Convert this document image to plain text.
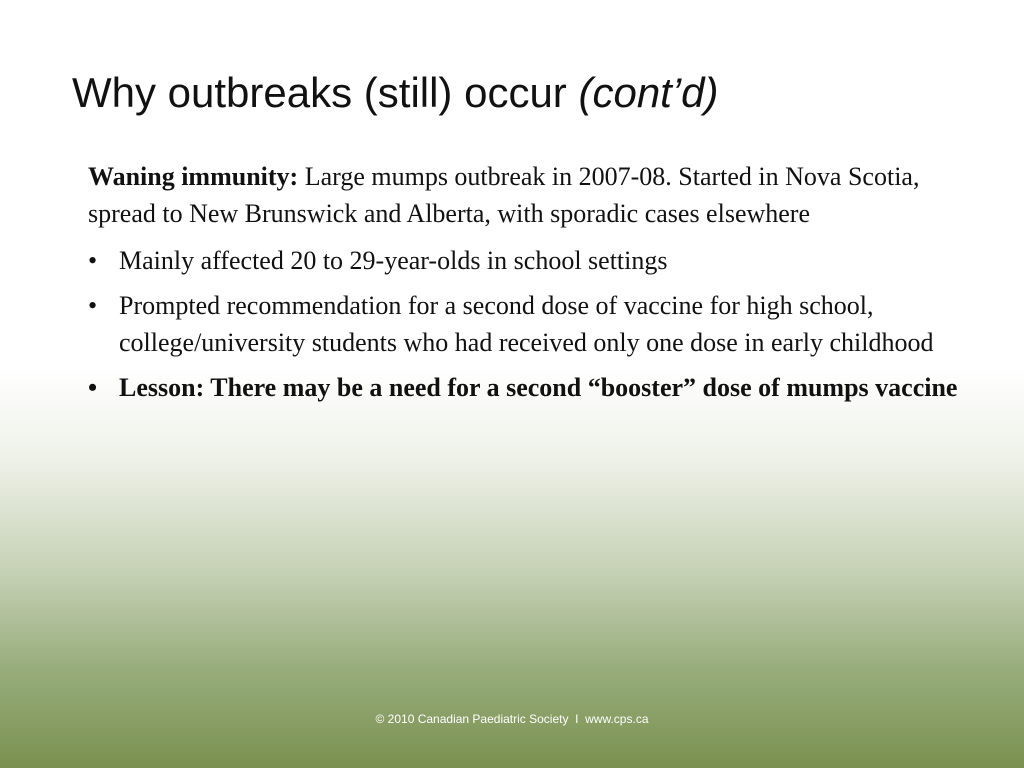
Why outbreaks (still) occur (cont’d)

Waning immunity: Large mumps outbreak in 2007-08. Started in Nova Scotia, spread to New Brunswick and Alberta, with sporadic cases elsewhere

• Mainly affected 20 to 29-year-olds in school settings
• Prompted recommendation for a second dose of vaccine for high school, college/university students who had received only one dose in early childhood
• Lesson: There may be a need for a second “booster” dose of mumps vaccine
© 2010 Canadian Paediatric Society  I  www.cps.ca
